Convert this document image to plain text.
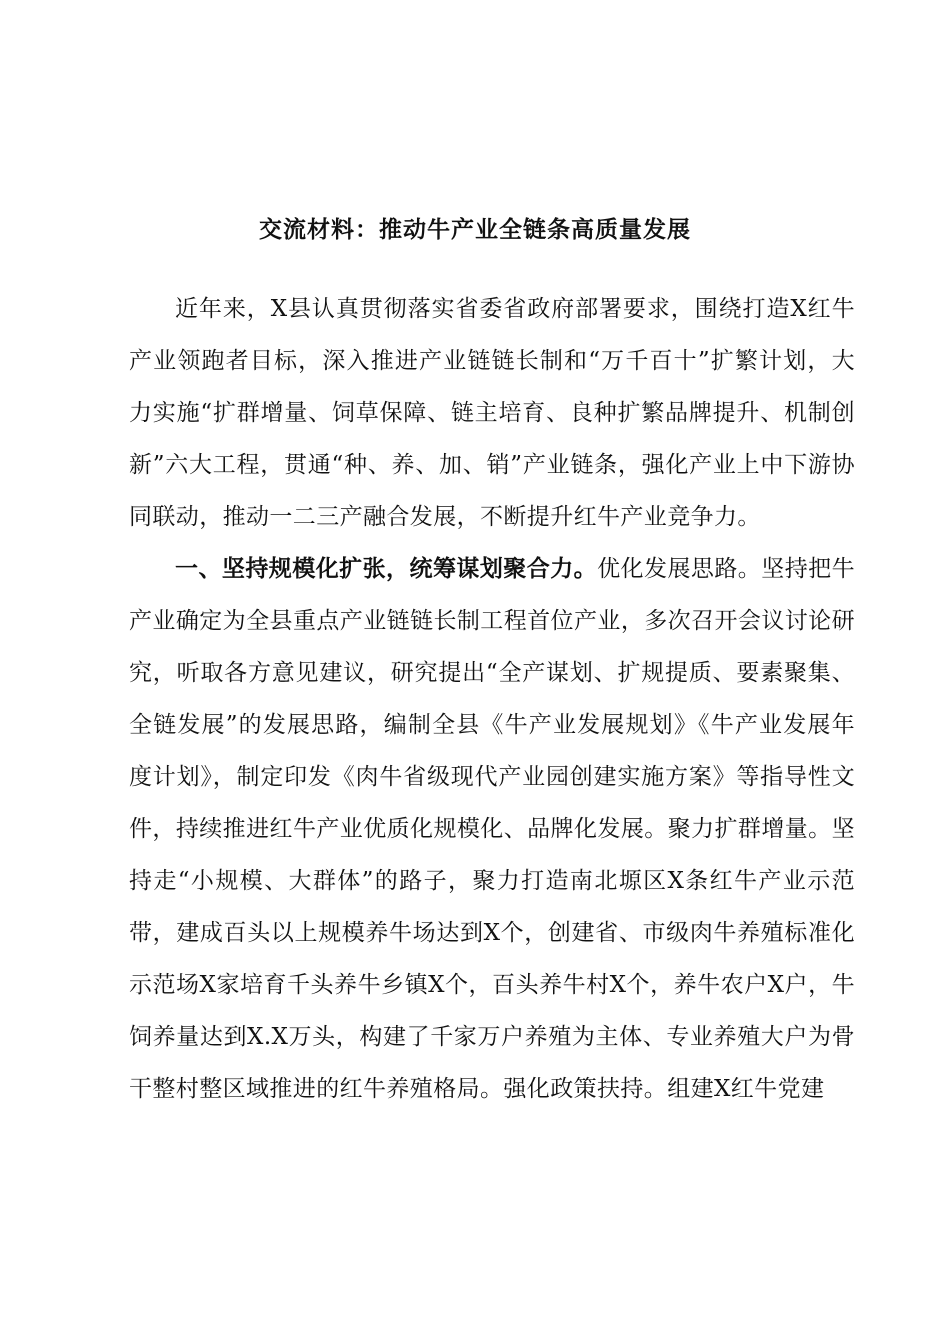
交流材料：推动牛产业全链条高质量发展

近年来，X县认真贯彻落实省委省政府部署要求，围绕打造X红牛产业领跑者目标，深入推进产业链链长制和“万千百十”扩繁计划，大力实施“扩群增量、饲草保障、链主培育、良种扩繁品牌提升、机制创新”六大工程，贯通“种、养、加、销”产业链条，强化产业上中下游协同联动，推动一二三产融合发展，不断提升红牛产业竞争力。

一、坚持规模化扩张，统筹谋划聚合力。优化发展思路。坚持把牛产业确定为全县重点产业链链长制工程首位产业，多次召开会议讨论研究，听取各方意见建议，研究提出“全产谋划、扩规提质、要素聚集、全链发展”的发展思路，编制全县《牛产业发展规划》《牛产业发展年度计划》，制定印发《肉牛省级现代产业园创建实施方案》等指导性文件，持续推进红牛产业优质化规模化、品牌化发展。聚力扩群增量。坚持走“小规模、大群体”的路子，聚力打造南北塬区X条红牛产业示范带，建成百头以上规模养牛场达到X个，创建省、市级肉牛养殖标准化示范场X家培育千头养牛乡镇X个，百头养牛村X个，养牛农户X户，牛饲养量达到X.X万头，构建了千家万户养殖为主体、专业养殖大户为骨干整村整区域推进的红牛养殖格局。强化政策扶持。组建X红牛党建
